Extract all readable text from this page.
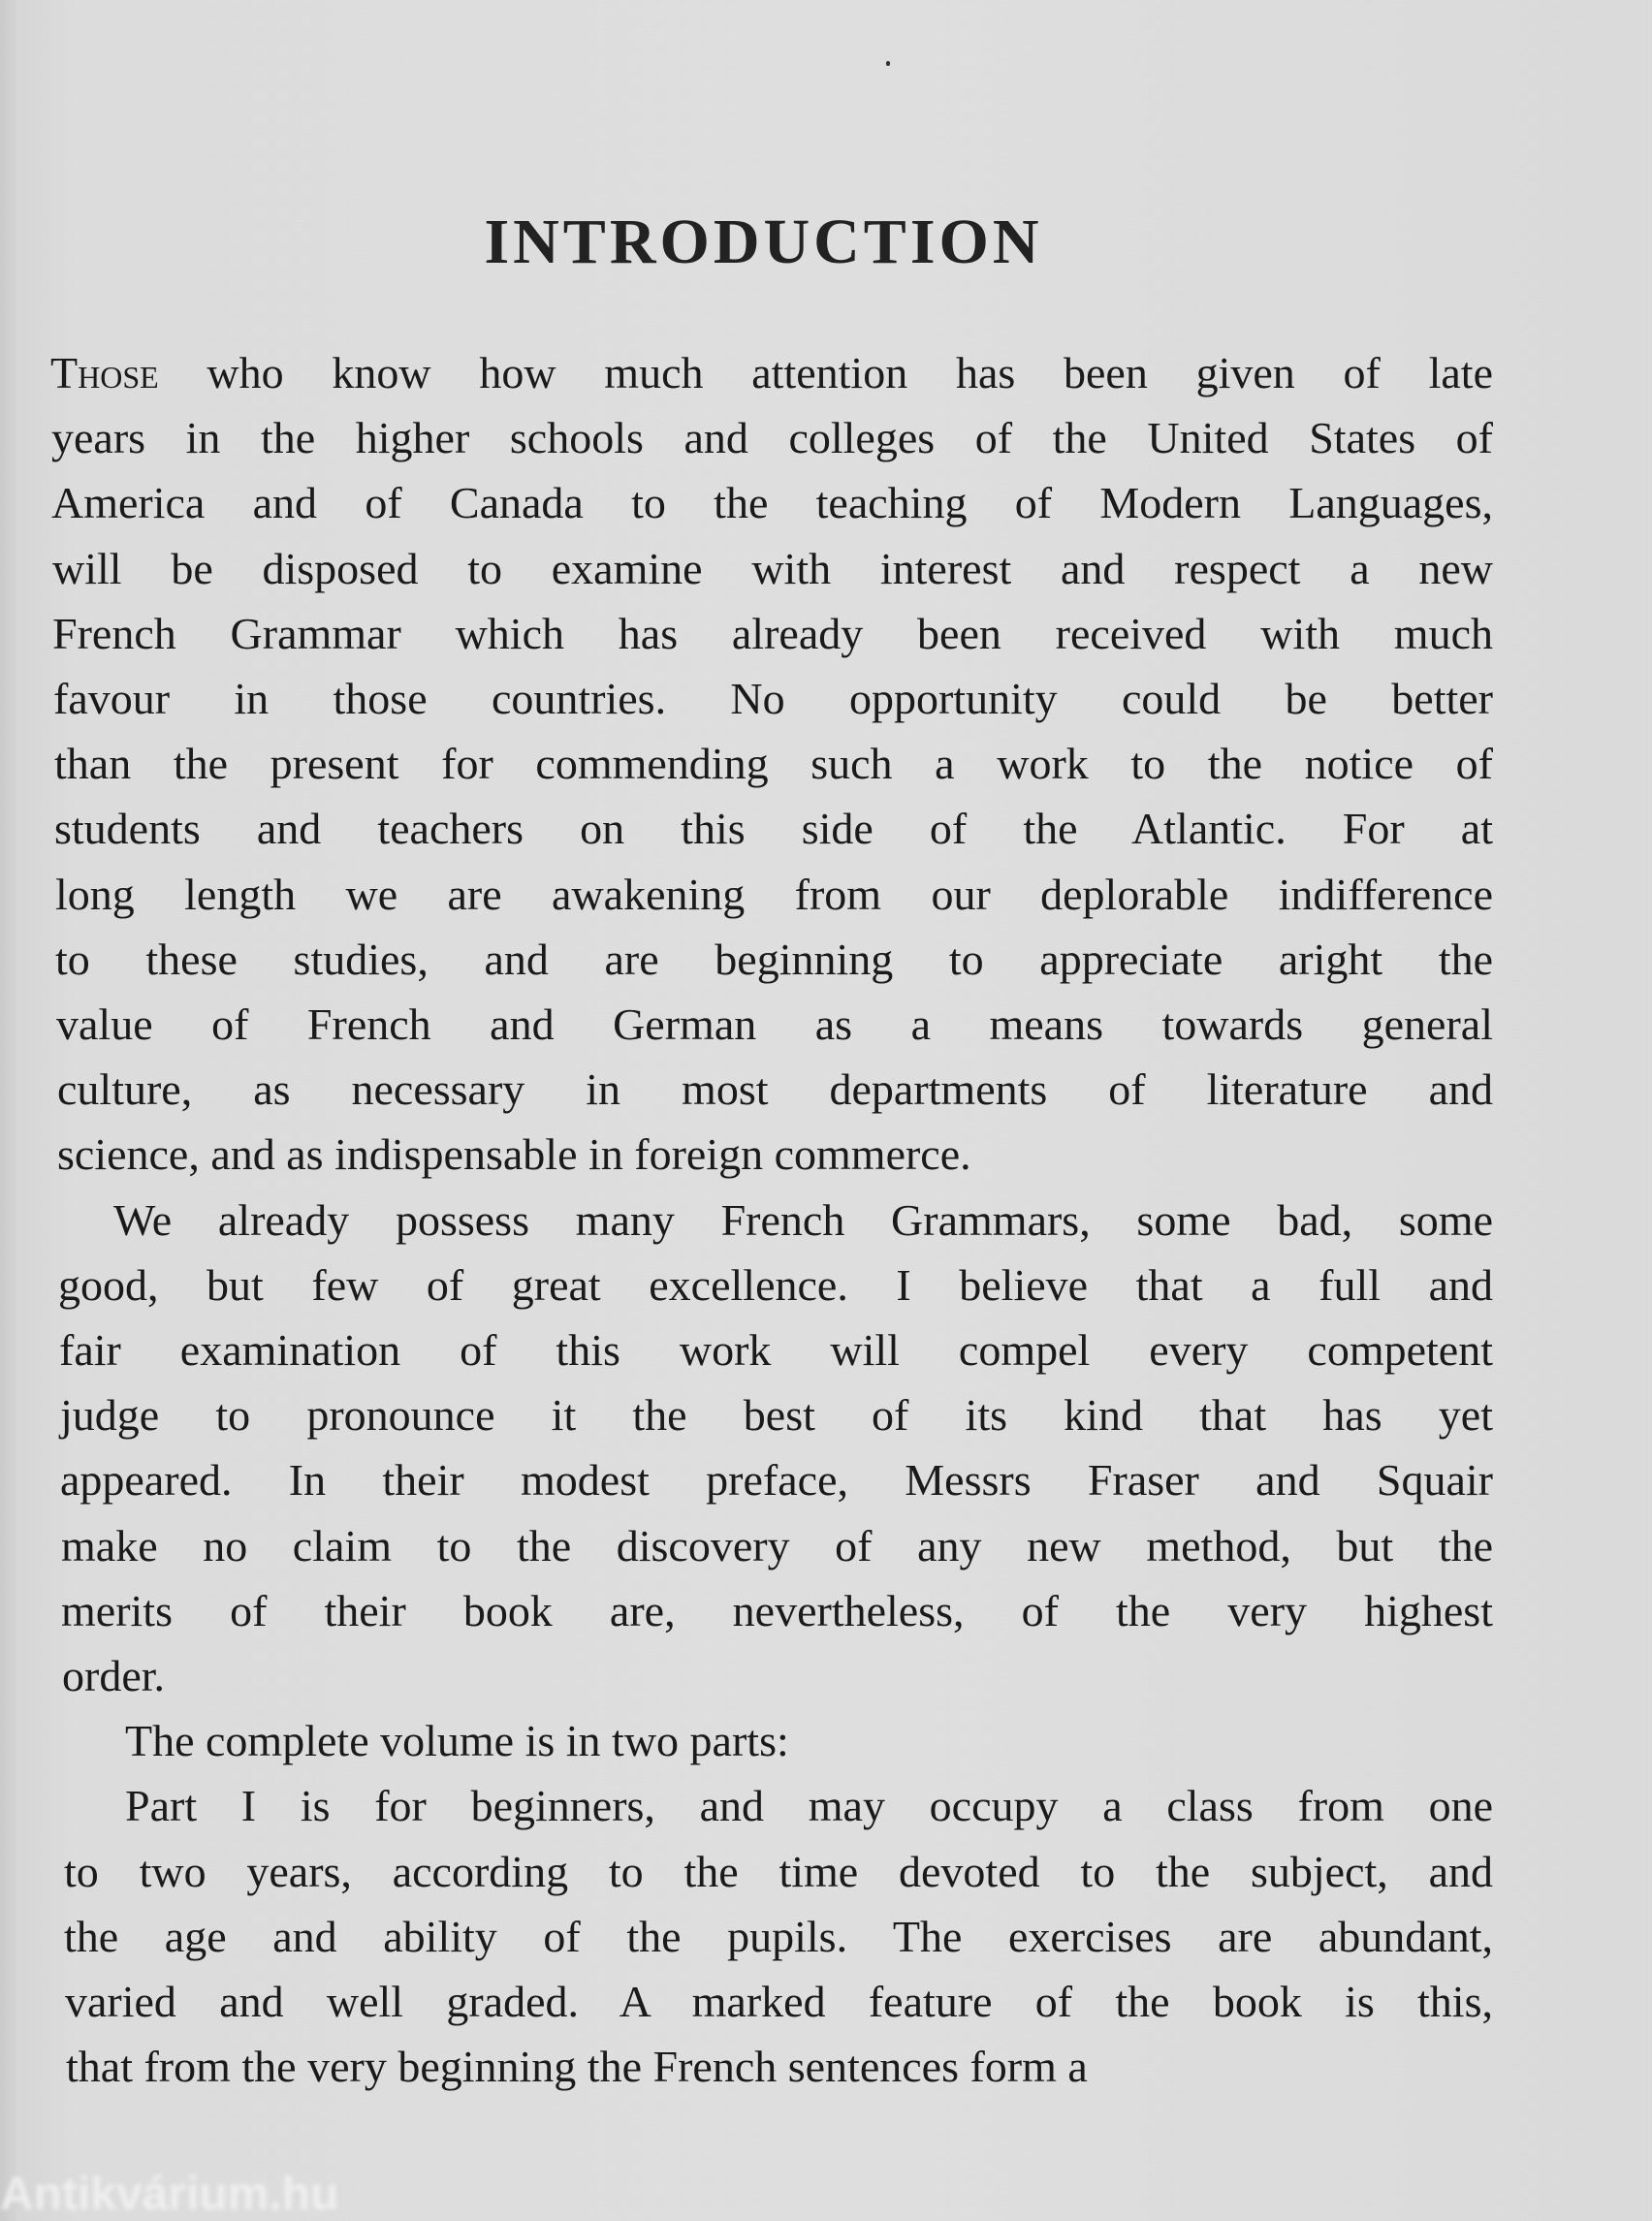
INTRODUCTION
Those who know how much attention has been given of late
years in the higher schools and colleges of the United States of
America and of Canada to the teaching of Modern Languages,
will be disposed to examine with interest and respect a new
French Grammar which has already been received with much
favour in those countries. No opportunity could be better
than the present for commending such a work to the notice of
students and teachers on this side of the Atlantic. For at
long length we are awakening from our deplorable indifference
to these studies, and are beginning to appreciate aright the
value of French and German as a means towards general
culture, as necessary in most departments of literature and
science, and as indispensable in foreign commerce.
We already possess many French Grammars, some bad, some
good, but few of great excellence. I believe that a full and
fair examination of this work will compel every competent
judge to pronounce it the best of its kind that has yet
appeared. In their modest preface, Messrs Fraser and Squair
make no claim to the discovery of any new method, but the
merits of their book are, nevertheless, of the very highest
order.
The complete volume is in two parts:
Part I is for beginners, and may occupy a class from one
to two years, according to the time devoted to the subject, and
the age and ability of the pupils. The exercises are abundant,
varied and well graded. A marked feature of the book is this,
that from the very beginning the French sentences form a
Antikvárium.hu
